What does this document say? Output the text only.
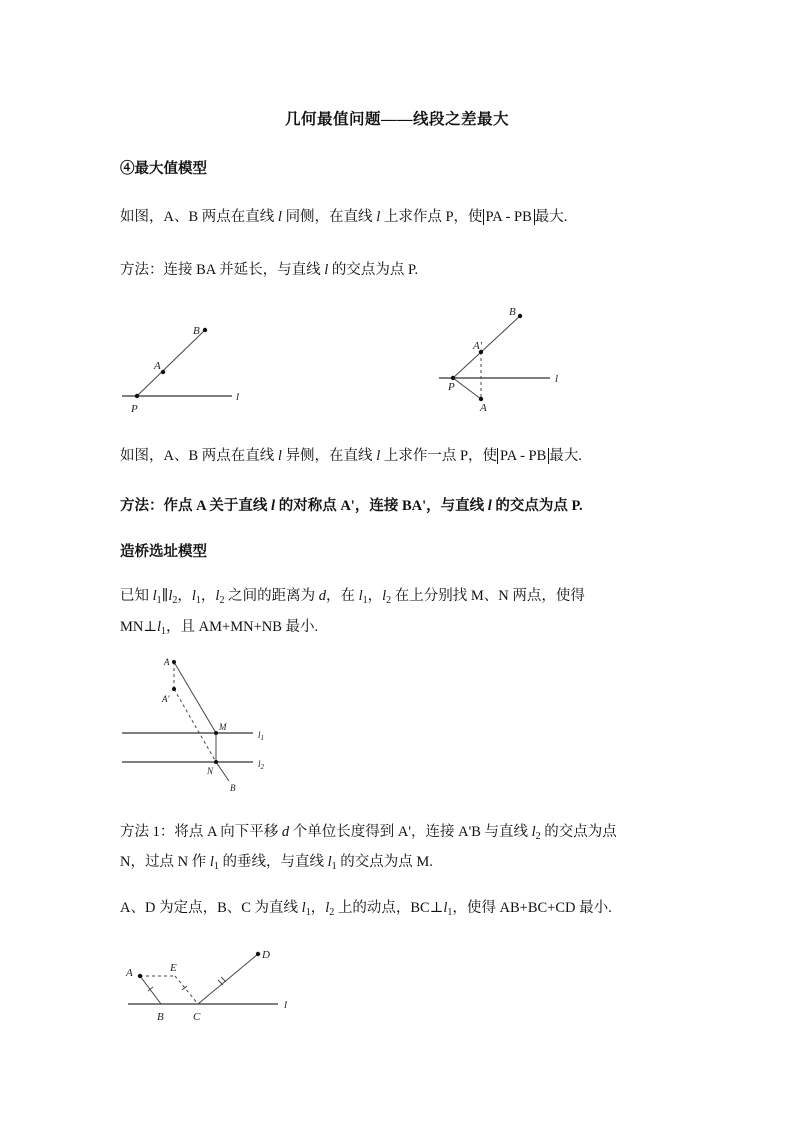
几何最值问题——线段之差最大
④最大值模型
如图，A、B 两点在直线 l 同侧，在直线 l 上求作点 P，使 PA - PB 最大.
方法：连接 BA 并延长，与直线 l 的交点为点 P.
B
A
P
l
B
A'
A
P
l
如图，A、B 两点在直线 l 异侧，在直线 l 上求作一点 P，使 PA - PB 最大.
方法：作点 A 关于直线 l 的对称点 A'，连接 BA'，与直线 l 的交点为点 P.
造桥选址模型
已知 $l_1\parallel l_2$，$l_1$，$l_2$ 之间的距离为 d，在 $l_1$，$l_2$ 在上分别找 M、N 两点，使得
$MN\perp l_1$，且 AM+MN+NB 最小.
A
A'
M
N
B
$l_1$
$l_2$
方法 1：将点 A 向下平移 d 个单位长度得到 A'，连接 A'B 与直线 $l_2$ 的交点为点
N，过点 N 作 $l_1$ 的垂线，与直线 $l_1$ 的交点为点 M.
A、D 为定点，B、C 为直线 $l_1$，$l_2$ 上的动点，$BC\perp l_1$，使得 AB+BC+CD 最小.
A	E
D
B	C
l
